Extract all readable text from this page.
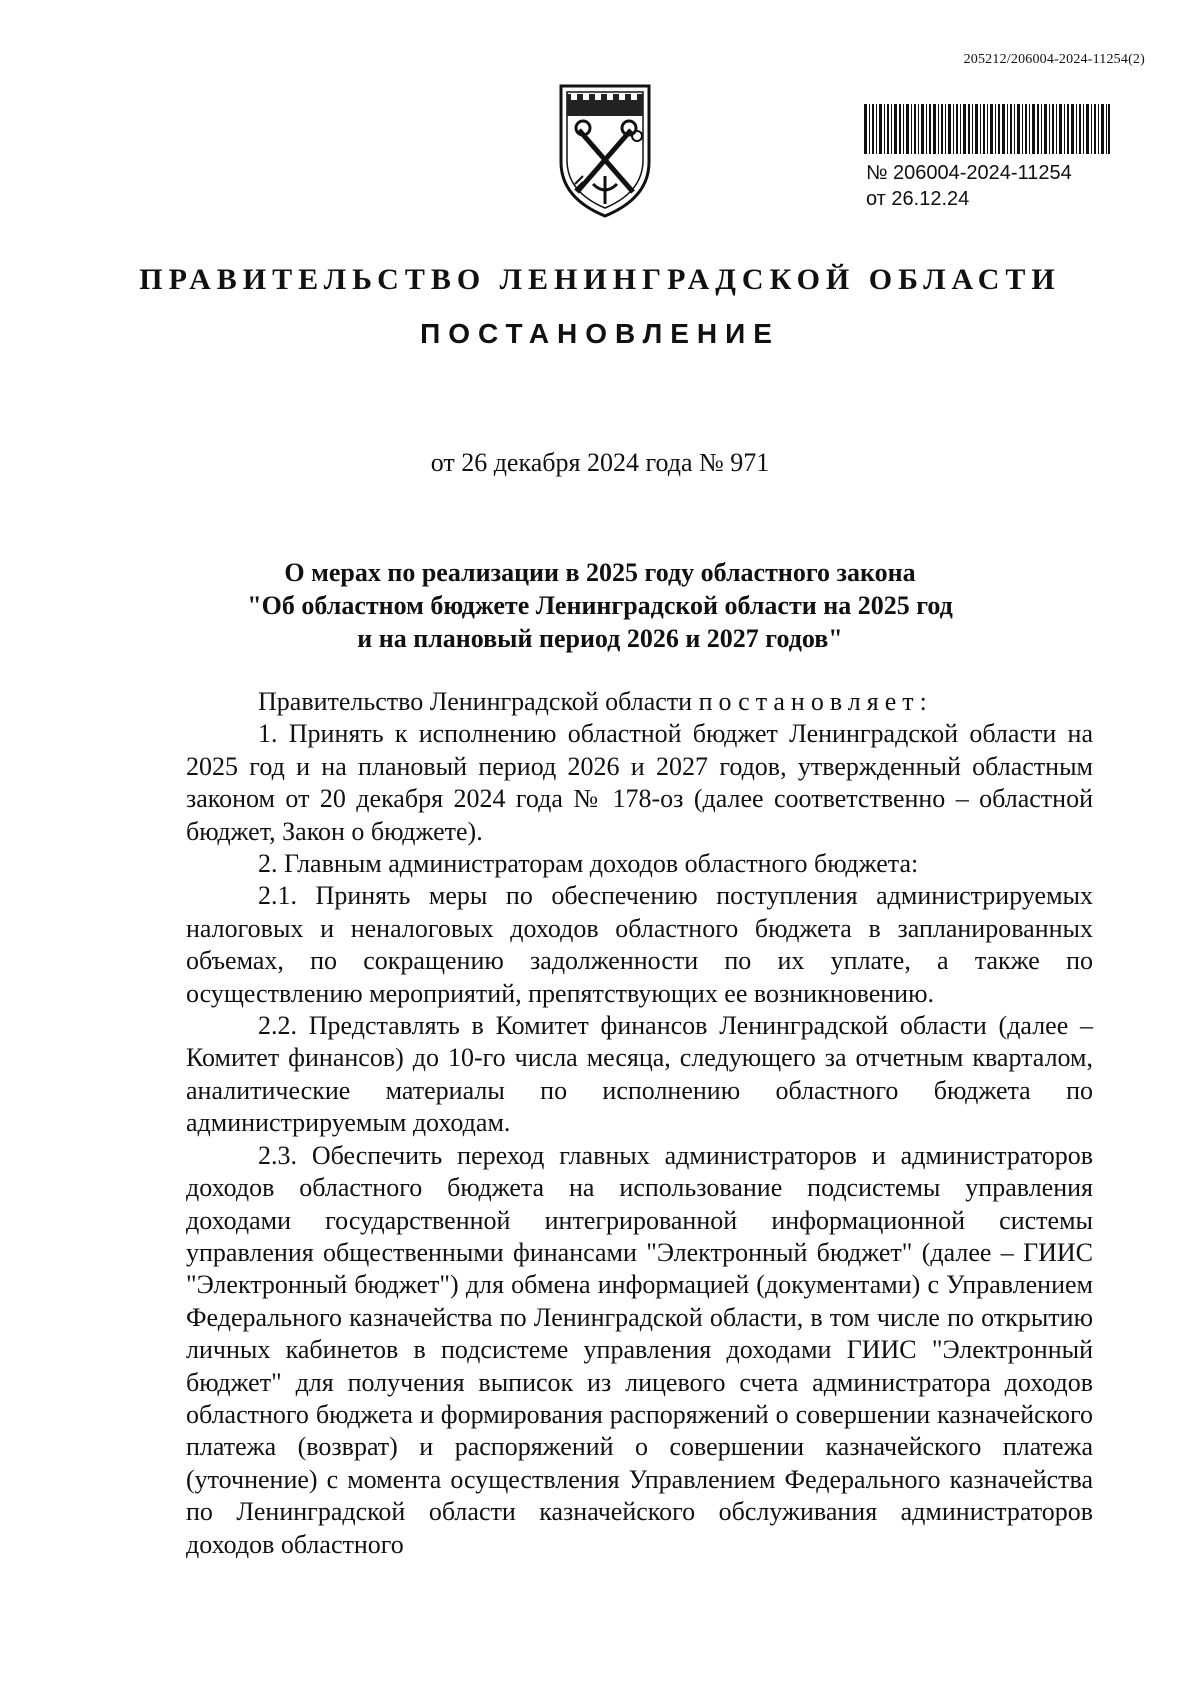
205212/206004-2024-11254(2)
№ 206004-2024-11254
от 26.12.24
ПРАВИТЕЛЬСТВО ЛЕНИНГРАДСКОЙ ОБЛАСТИ
ПОСТАНОВЛЕНИЕ
от 26 декабря 2024 года № 971
О мерах по реализации в 2025 году областного закона
"Об областном бюджете Ленинградской области на 2025 год
и на плановый период 2026 и 2027 годов"

Правительство Ленинградской области постановляет:

1. Принять к исполнению областной бюджет Ленинградской области на 2025 год и на плановый период 2026 и 2027 годов, утвержденный областным законом от 20 декабря 2024 года № 178-оз (далее соответственно – областной бюджет, Закон о бюджете).

2. Главным администраторам доходов областного бюджета:

2.1. Принять меры по обеспечению поступления администрируемых налоговых и неналоговых доходов областного бюджета в запланированных объемах, по сокращению задолженности по их уплате, а также по осуществлению мероприятий, препятствующих ее возникновению.

2.2. Представлять в Комитет финансов Ленинградской области (далее – Комитет финансов) до 10-го числа месяца, следующего за отчетным кварталом, аналитические материалы по исполнению областного бюджета по администрируемым доходам.

2.3. Обеспечить переход главных администраторов и администраторов доходов областного бюджета на использование подсистемы управления доходами государственной интегрированной информационной системы управления общественными финансами "Электронный бюджет" (далее – ГИИС "Электронный бюджет") для обмена информацией (документами) с Управлением Федерального казначейства по Ленинградской области, в том числе по открытию личных кабинетов в подсистеме управления доходами ГИИС "Электронный бюджет" для получения выписок из лицевого счета администратора доходов областного бюджета и формирования распоряжений о совершении казначейского платежа (возврат) и распоряжений о совершении казначейского платежа (уточнение) с момента осуществления Управлением Федерального казначейства по Ленинградской области казначейского обслуживания администраторов доходов областного
